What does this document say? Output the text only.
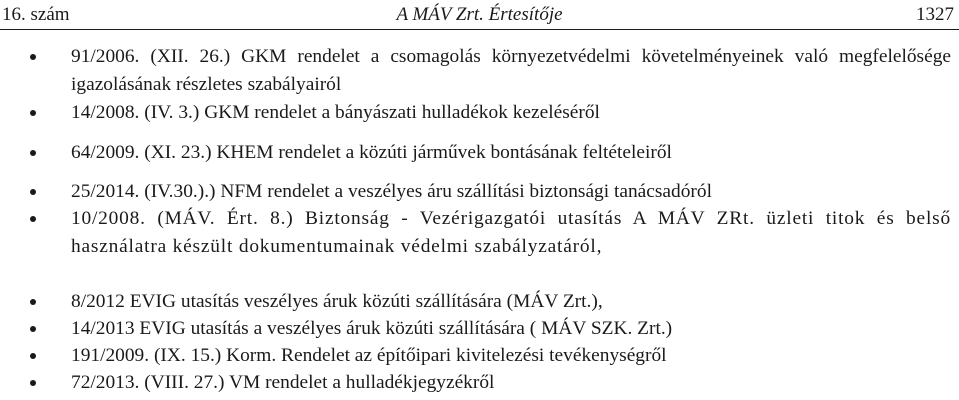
16. szám	A MÁV Zrt. Értesítője	1327
91/2006. (XII. 26.) GKM rendelet a csomagolás környezetvédelmi követelményeinek való megfelelősége igazolásának részletes szabályairól
14/2008. (IV. 3.) GKM rendelet a bányászati hulladékok kezeléséről
64/2009. (XI. 23.) KHEM rendelet a közúti járművek bontásának feltételeiről
25/2014. (IV.30.).) NFM rendelet a veszélyes áru szállítási biztonsági tanácsadóról
10/2008. (MÁV. Ért. 8.) Biztonság - Vezérigazgatói utasítás A MÁV ZRt. üzleti titok és belső használatra készült dokumentumainak védelmi szabályzatáról,
8/2012 EVIG utasítás veszélyes áruk közúti szállítására (MÁV Zrt.),
14/2013 EVIG utasítás a veszélyes áruk közúti szállítására ( MÁV SZK. Zrt.)
191/2009. (IX. 15.) Korm. Rendelet az építőipari kivitelezési tevékenységről
72/2013. (VIII. 27.) VM rendelet a hulladékjegyzékről
